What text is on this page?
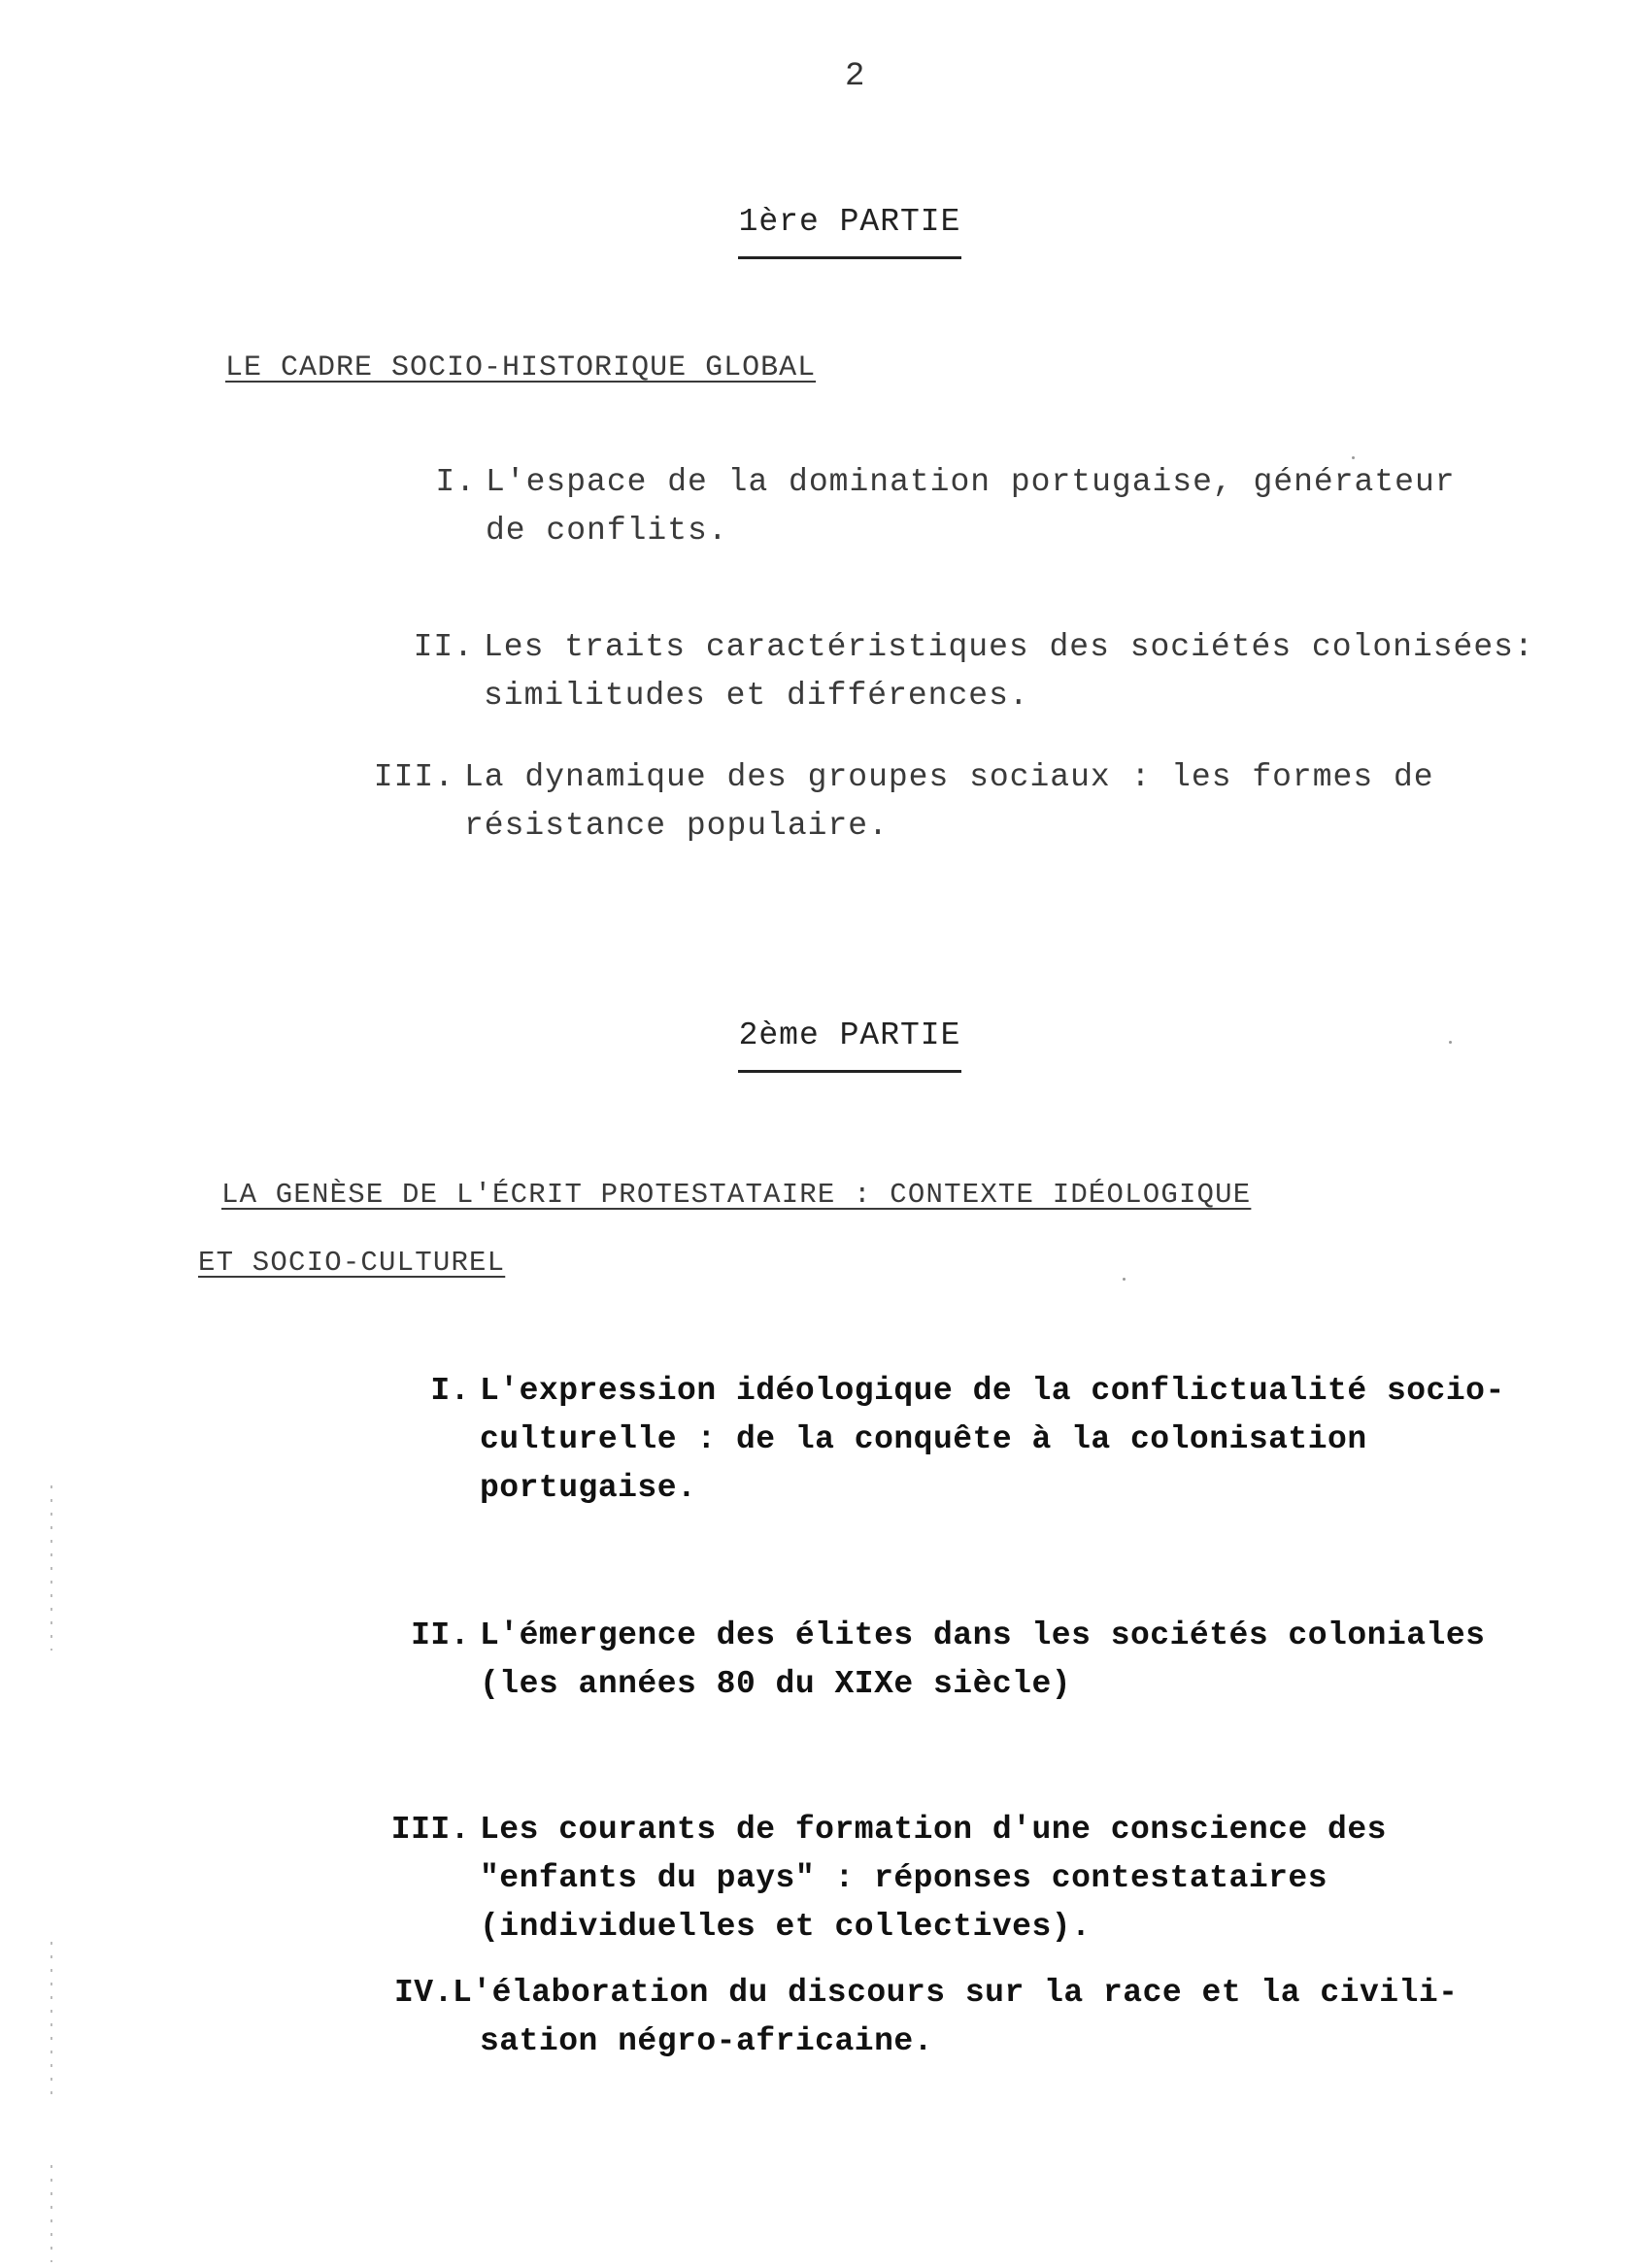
2
1ère PARTIE
LE CADRE SOCIO-HISTORIQUE GLOBAL
I. L'espace de la domination portugaise, générateur
de conflits.
II. Les traits caractéristiques des sociétés colonisées:
similitudes et différences.
III. La dynamique des groupes sociaux : les formes de
résistance populaire.
2ème PARTIE
LA GENÈSE DE L'ÉCRIT PROTESTATAIRE : CONTEXTE IDÉOLOGIQUE
ET SOCIO-CULTUREL
I. L'expression idéologique de la conflictualité socio-
culturelle : de la conquête à la colonisation
portugaise.
II. L'émergence des élites dans les sociétés coloniales
(les années 80 du XIXe siècle)
III. Les courants de formation d'une conscience des
"enfants du pays" : réponses contestataires
(individuelles et collectives).
IV. L'élaboration du discours sur la race et la civili-
sation négro-africaine.
